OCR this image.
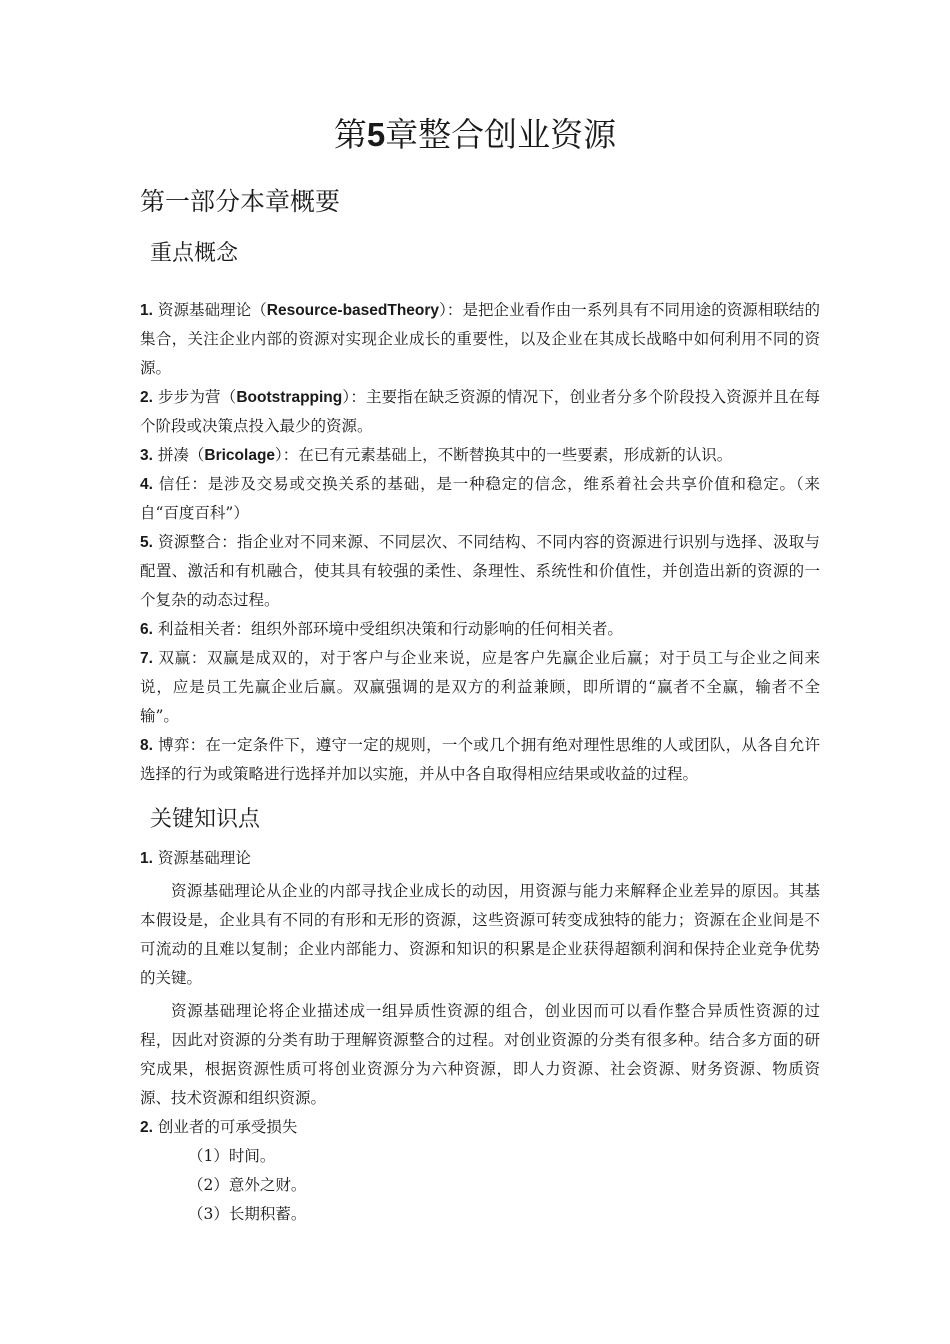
第5章整合创业资源
第一部分本章概要
重点概念

1. 资源基础理论（Resource-basedTheory）：是把企业看作由一系列具有不同用途的资源相联结的集合，关注企业内部的资源对实现企业成长的重要性，以及企业在其成长战略中如何利用不同的资源。

2. 步步为营（Bootstrapping）：主要指在缺乏资源的情况下，创业者分多个阶段投入资源并且在每个阶段或决策点投入最少的资源。

3. 拼凑（Bricolage）：在已有元素基础上，不断替换其中的一些要素，形成新的认识。

4. 信任：是涉及交易或交换关系的基础，是一种稳定的信念，维系着社会共享价值和稳定。（来自“百度百科”）

5. 资源整合：指企业对不同来源、不同层次、不同结构、不同内容的资源进行识别与选择、汲取与配置、激活和有机融合，使其具有较强的柔性、条理性、系统性和价值性，并创造出新的资源的一个复杂的动态过程。

6. 利益相关者：组织外部环境中受组织决策和行动影响的任何相关者。

7. 双赢：双赢是成双的，对于客户与企业来说，应是客户先赢企业后赢；对于员工与企业之间来说，应是员工先赢企业后赢。双赢强调的是双方的利益兼顾，即所谓的“赢者不全赢，输者不全输”。

8. 博弈：在一定条件下，遵守一定的规则，一个或几个拥有绝对理性思维的人或团队，从各自允许选择的行为或策略进行选择并加以实施，并从中各自取得相应结果或收益的过程。

关键知识点

1. 资源基础理论

资源基础理论从企业的内部寻找企业成长的动因，用资源与能力来解释企业差异的原因。其基本假设是，企业具有不同的有形和无形的资源，这些资源可转变成独特的能力；资源在企业间是不可流动的且难以复制；企业内部能力、资源和知识的积累是企业获得超额利润和保持企业竞争优势的关键。

资源基础理论将企业描述成一组异质性资源的组合，创业因而可以看作整合异质性资源的过程，因此对资源的分类有助于理解资源整合的过程。对创业资源的分类有很多种。结合多方面的研究成果，根据资源性质可将创业资源分为六种资源，即人力资源、社会资源、财务资源、物质资源、技术资源和组织资源。

2. 创业者的可承受损失

（1）时间。

（2）意外之财。

（3）长期积蓄。
